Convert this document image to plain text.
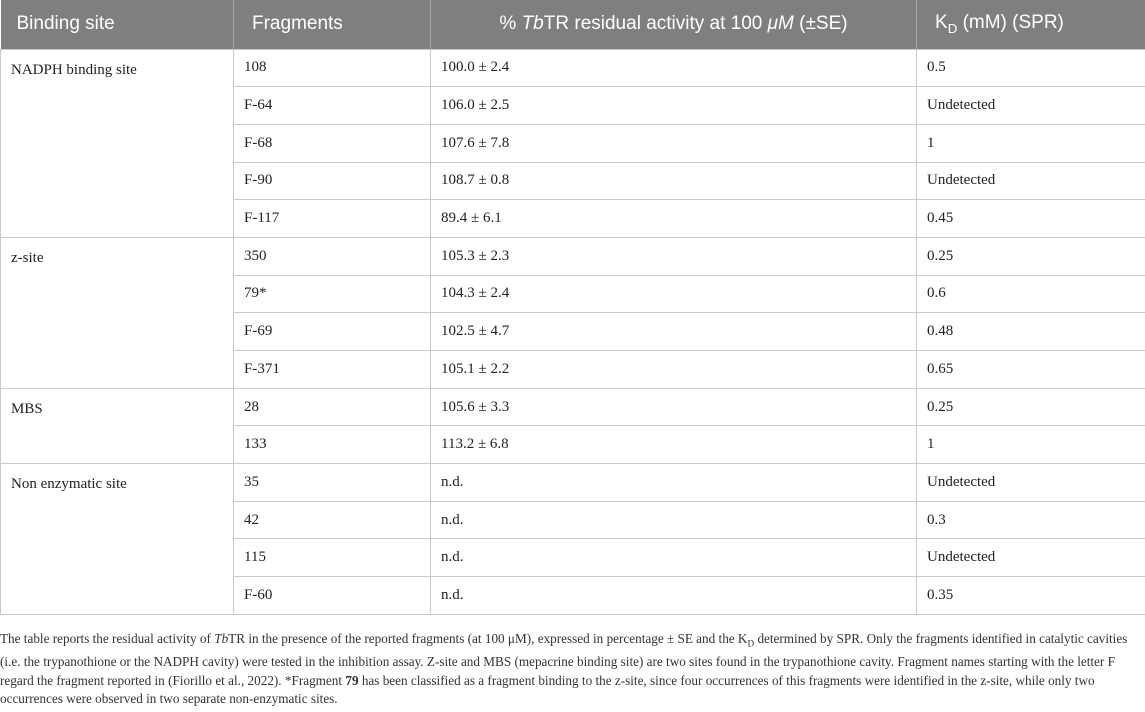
Binding site	Fragments	% TbTR residual activity at 100 μM (±SE)	$K_D$ (mM) (SPR)
NADPH binding site	108	100.0 ± 2.4	0.5
	F-64	106.0 ± 2.5	Undetected
	F-68	107.6 ± 7.8	1
	F-90	108.7 ± 0.8	Undetected
	F-117	89.4 ± 6.1	0.45
z-site	350	105.3 ± 2.3	0.25
	79*	104.3 ± 2.4	0.6
	F-69	102.5 ± 4.7	0.48
	F-371	105.1 ± 2.2	0.65
MBS	28	105.6 ± 3.3	0.25
	133	113.2 ± 6.8	1
Non enzymatic site	35	n.d.	Undetected
	42	n.d.	0.3
	115	n.d.	Undetected
	F-60	n.d.	0.35
The table reports the residual activity of TbTR in the presence of the reported fragments (at 100 μM), expressed in percentage ± SE and the $K_D$ determined by SPR. Only the fragments identified in catalytic cavities (i.e. the trypanothione or the NADPH cavity) were tested in the inhibition assay. Z-site and MBS (mepacrine binding site) are two sites found in the trypanothione cavity. Fragment names starting with the letter F regard the fragment reported in (Fiorillo et al., 2022). *Fragment 79 has been classified as a fragment binding to the z-site, since four occurrences of this fragments were identified in the z-site, while only two occurrences were observed in two separate non-enzymatic sites.
